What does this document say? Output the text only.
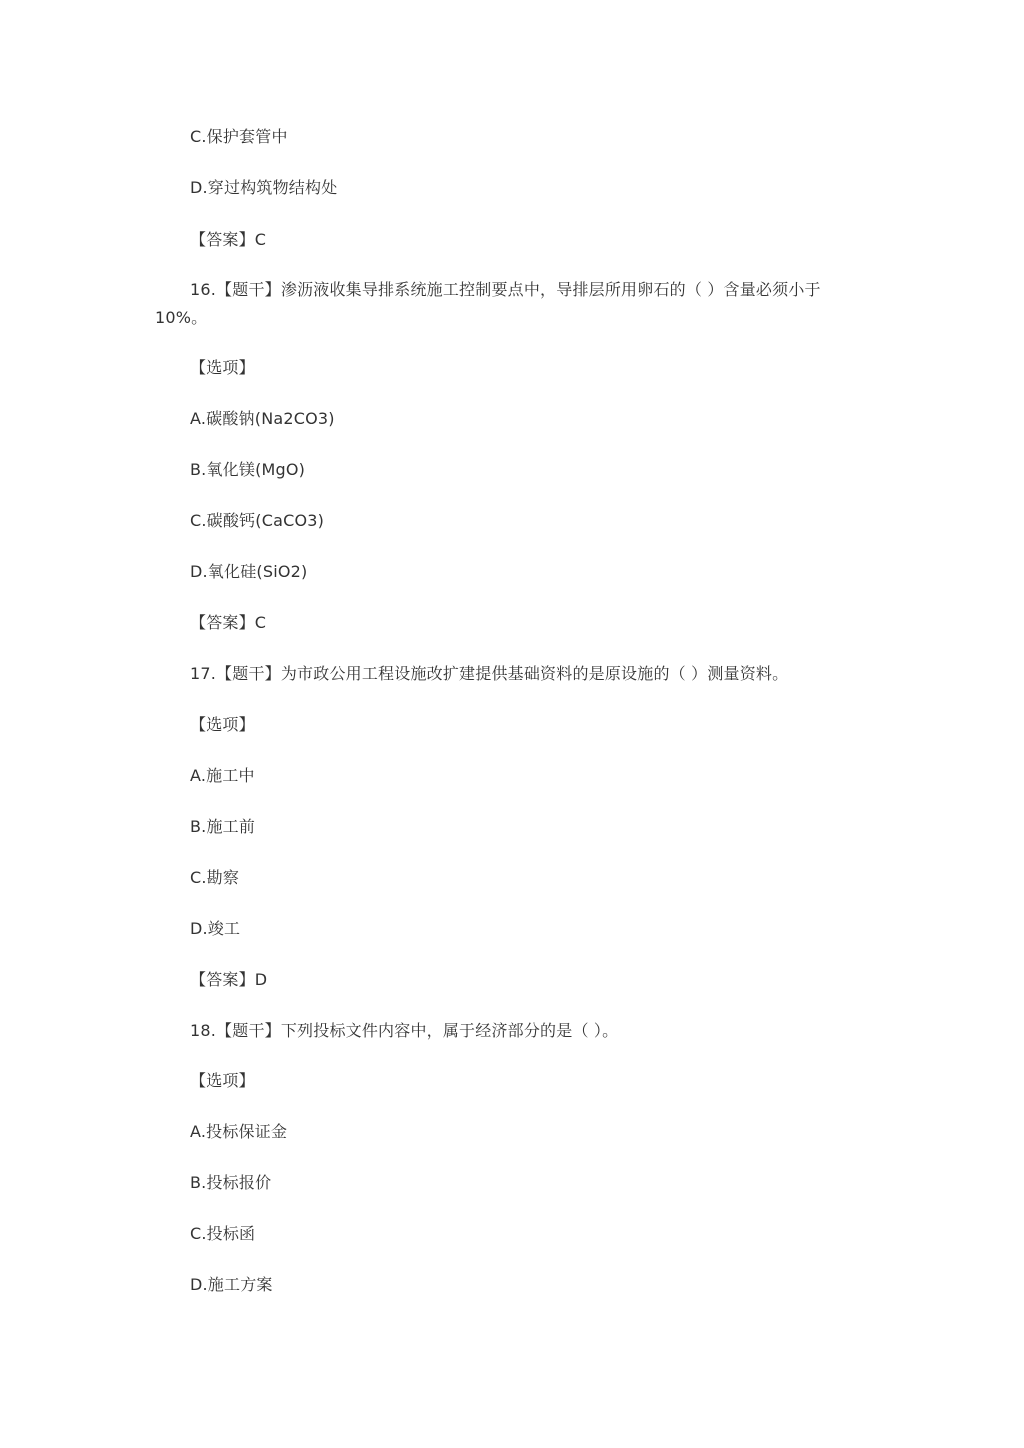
C.保护套管中
D.穿过构筑物结构处
【答案】C
16.【题干】渗沥液收集导排系统施工控制要点中，导排层所用卵石的（ ）含量必须小于 10%。
【选项】
A.碳酸钠(Na2CO3)
B.氧化镁(MgO)
C.碳酸钙(CaCO3)
D.氧化硅(SiO2)
【答案】C
17.【题干】为市政公用工程设施改扩建提供基础资料的是原设施的（ ）测量资料。
【选项】
A.施工中
B.施工前
C.勘察
D.竣工
【答案】D
18.【题干】下列投标文件内容中，属于经济部分的是（ ）。
【选项】
A.投标保证金
B.投标报价
C.投标函
D.施工方案
